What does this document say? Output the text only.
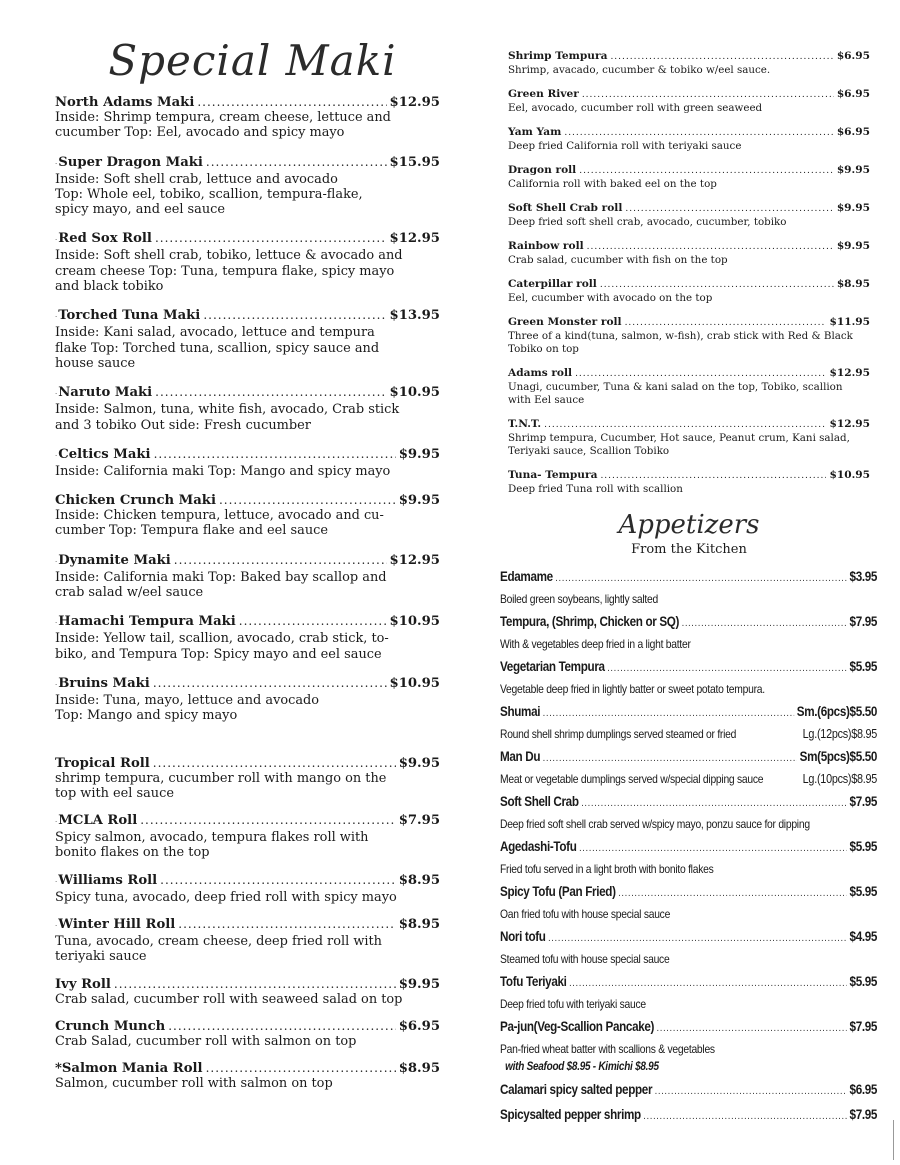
Special Maki
North Adams Maki .....	$12.95
Inside: Shrimp tempura, cream cheese, lettuce and
cucumber Top: Eel, avocado and spicy mayo
· Super Dragon Maki .....	$15.95
Inside: Soft shell crab, lettuce and avocado
Top: Whole eel, tobiko, scallion, tempura-flake,
spicy mayo, and eel sauce
· Red Sox Roll .....	$12.95
Inside: Soft shell crab, tobiko, lettuce & avocado and
cream cheese Top: Tuna, tempura flake, spicy mayo
and black tobiko
· Torched Tuna Maki .....	$13.95
Inside: Kani salad, avocado, lettuce and tempura
flake Top: Torched tuna, scallion, spicy sauce and
house sauce
· Naruto Maki .....	$10.95
Inside: Salmon, tuna, white fish, avocado, Crab stick
and 3 tobiko Out side: Fresh cucumber
· Celtics Maki .....	$9.95
Inside: California maki Top: Mango and spicy mayo
Chicken Crunch Maki .....	$9.95
Inside: Chicken tempura, lettuce, avocado and cu-
cumber Top: Tempura flake and eel sauce
· Dynamite Maki .....	$12.95
Inside: California maki Top: Baked bay scallop and
crab salad w/eel sauce
· Hamachi Tempura Maki .....	$10.95
Inside: Yellow tail, scallion, avocado, crab stick, to-
biko, and Tempura Top: Spicy mayo and eel sauce
· Bruins Maki .....	$10.95
Inside: Tuna, mayo, lettuce and avocado
Top: Mango and spicy mayo
Tropical Roll .....	$9.95
shrimp tempura, cucumber roll with mango on the
top with eel sauce
· MCLA Roll .....	$7.95
Spicy salmon, avocado, tempura flakes roll with
bonito flakes on the top
· Williams Roll .....	$8.95
Spicy tuna, avocado, deep fried roll with spicy mayo
· Winter Hill Roll .....	$8.95
Tuna, avocado, cream cheese, deep fried roll with
teriyaki sauce
Ivy Roll .....	$9.95
Crab salad, cucumber roll with seaweed salad on top
Crunch Munch .....	$6.95
Crab Salad, cucumber roll with salmon on top
*Salmon Mania Roll .....	$8.95
Salmon, cucumber roll with salmon on top
Shrimp Tempura .....	$6.95
Shrimp, avacado, cucumber & tobiko w/eel sauce.
Green River .....	$6.95
Eel, avocado, cucumber roll with green seaweed
Yam Yam .....	$6.95
Deep fried California roll with teriyaki sauce
Dragon roll .....	$9.95
California roll with baked eel on the top
Soft Shell Crab roll .....	$9.95
Deep fried soft shell crab, avocado, cucumber, tobiko
Rainbow roll .....	$9.95
Crab salad, cucumber with fish on the top
Caterpillar roll .....	$8.95
Eel, cucumber with avocado on the top
Green Monster roll .....	$11.95
Three of a kind(tuna, salmon, w-fish), crab stick with Red & Black
Tobiko on top
Adams roll .....	$12.95
Unagi, cucumber, Tuna & kani salad on the top, Tobiko, scallion
with Eel sauce
T.N.T. .....	$12.95
Shrimp tempura, Cucumber, Hot sauce, Peanut crum, Kani salad,
Teriyaki sauce, Scallion Tobiko
Tuna- Tempura .....	$10.95
Deep fried Tuna roll with scallion
Appetizers
From the Kitchen
Edamame .....	$3.95
Boiled green soybeans, lightly salted
Tempura, (Shrimp, Chicken or SQ) .....	$7.95
With & vegetables deep fried in a light batter
Vegetarian Tempura .....	$5.95
Vegetable deep fried in lightly batter or sweet potato tempura.
Shumai .....	Sm.(6pcs)$5.50
Round shell shrimp dumplings served steamed or fried	Lg.(12pcs)$8.95
Man Du .....	Sm(5pcs)$5.50
Meat or vegetable dumplings served w/special dipping sauce	Lg.(10pcs)$8.95
Soft Shell Crab .....	$7.95
Deep fried soft shell crab served w/spicy mayo, ponzu sauce for dipping
Agedashi-Tofu .....	$5.95
Fried tofu served in a light broth with bonito flakes
Spicy Tofu (Pan Fried) .....	$5.95
Oan fried tofu with house special sauce
Nori tofu .....	$4.95
Steamed tofu with house special sauce
Tofu Teriyaki .....	$5.95
Deep fried tofu with teriyaki sauce
Pa-jun(Veg-Scallion Pancake) .....	$7.95
Pan-fried wheat batter with scallions & vegetables
with Seafood $8.95 - Kimichi $8.95
Calamari spicy salted pepper .....	$6.95
Spicysalted pepper shrimp .....	$7.95
